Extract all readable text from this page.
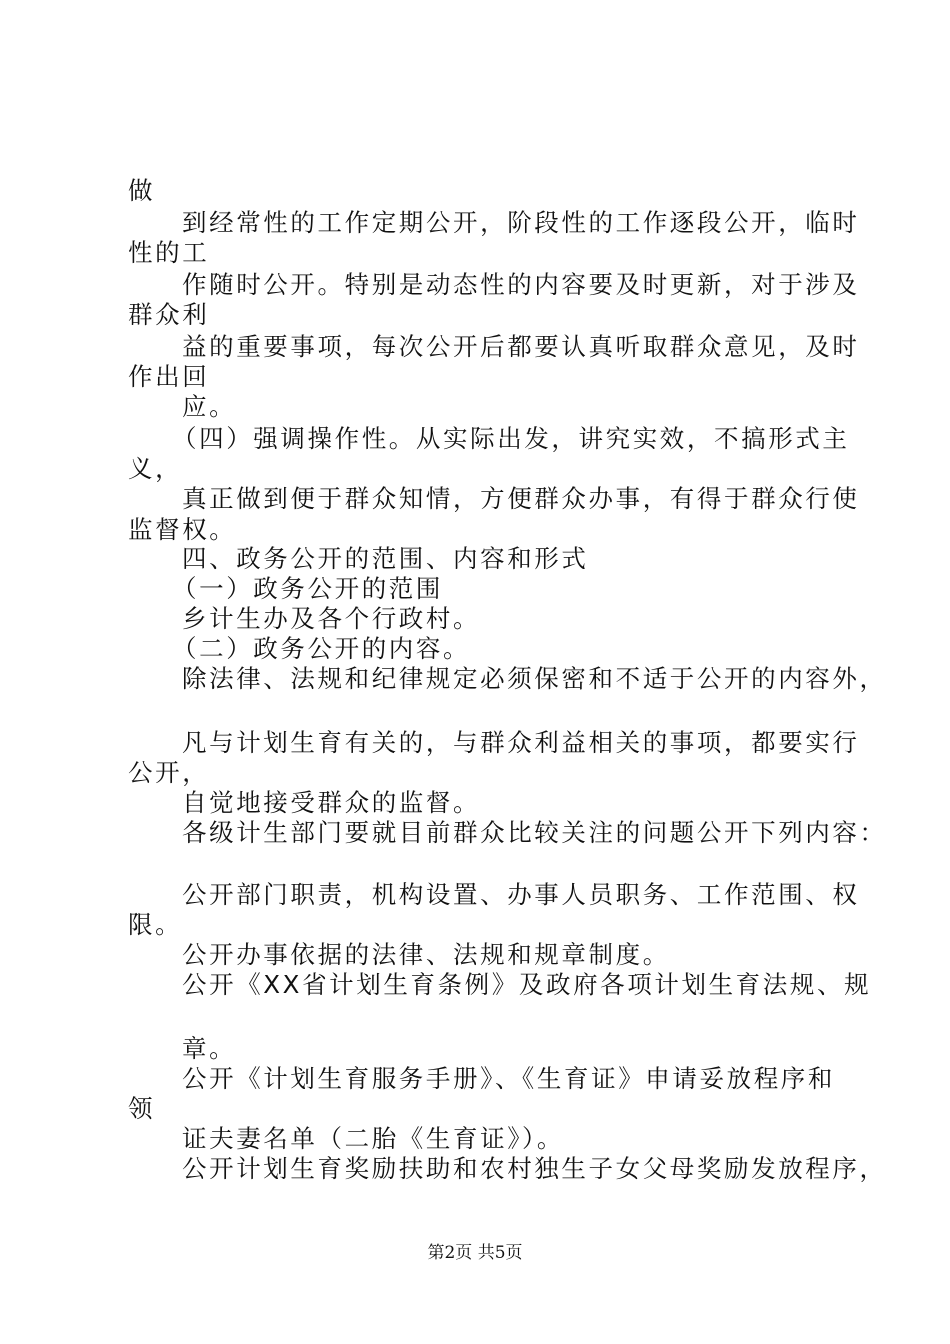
做

到经常性的工作定期公开，阶段性的工作逐段公开，临时

性的工

作随时公开。特别是动态性的内容要及时更新，对于涉及

群众利

益的重要事项，每次公开后都要认真听取群众意见，及时

作出回

应。

（四）强调操作性。从实际出发，讲究实效，不搞形式主

义，

真正做到便于群众知情，方便群众办事，有得于群众行使

监督权。

四、政务公开的范围、内容和形式

（一）政务公开的范围

乡计生办及各个行政村。

（二）政务公开的内容。

除法律、法规和纪律规定必须保密和不适于公开的内容外，

凡与计划生育有关的，与群众利益相关的事项，都要实行

公开，

自觉地接受群众的监督。

各级计生部门要就目前群众比较关注的问题公开下列内容：

公开部门职责，机构设置、办事人员职务、工作范围、权

限。

公开办事依据的法律、法规和规章制度。

公开《XX省计划生育条例》及政府各项计划生育法规、规

章。

公开《计划生育服务手册》、《生育证》申请妥放程序和

领

证夫妻名单（二胎《生育证》）。

公开计划生育奖励扶助和农村独生子女父母奖励发放程序，

第2页 共5页
